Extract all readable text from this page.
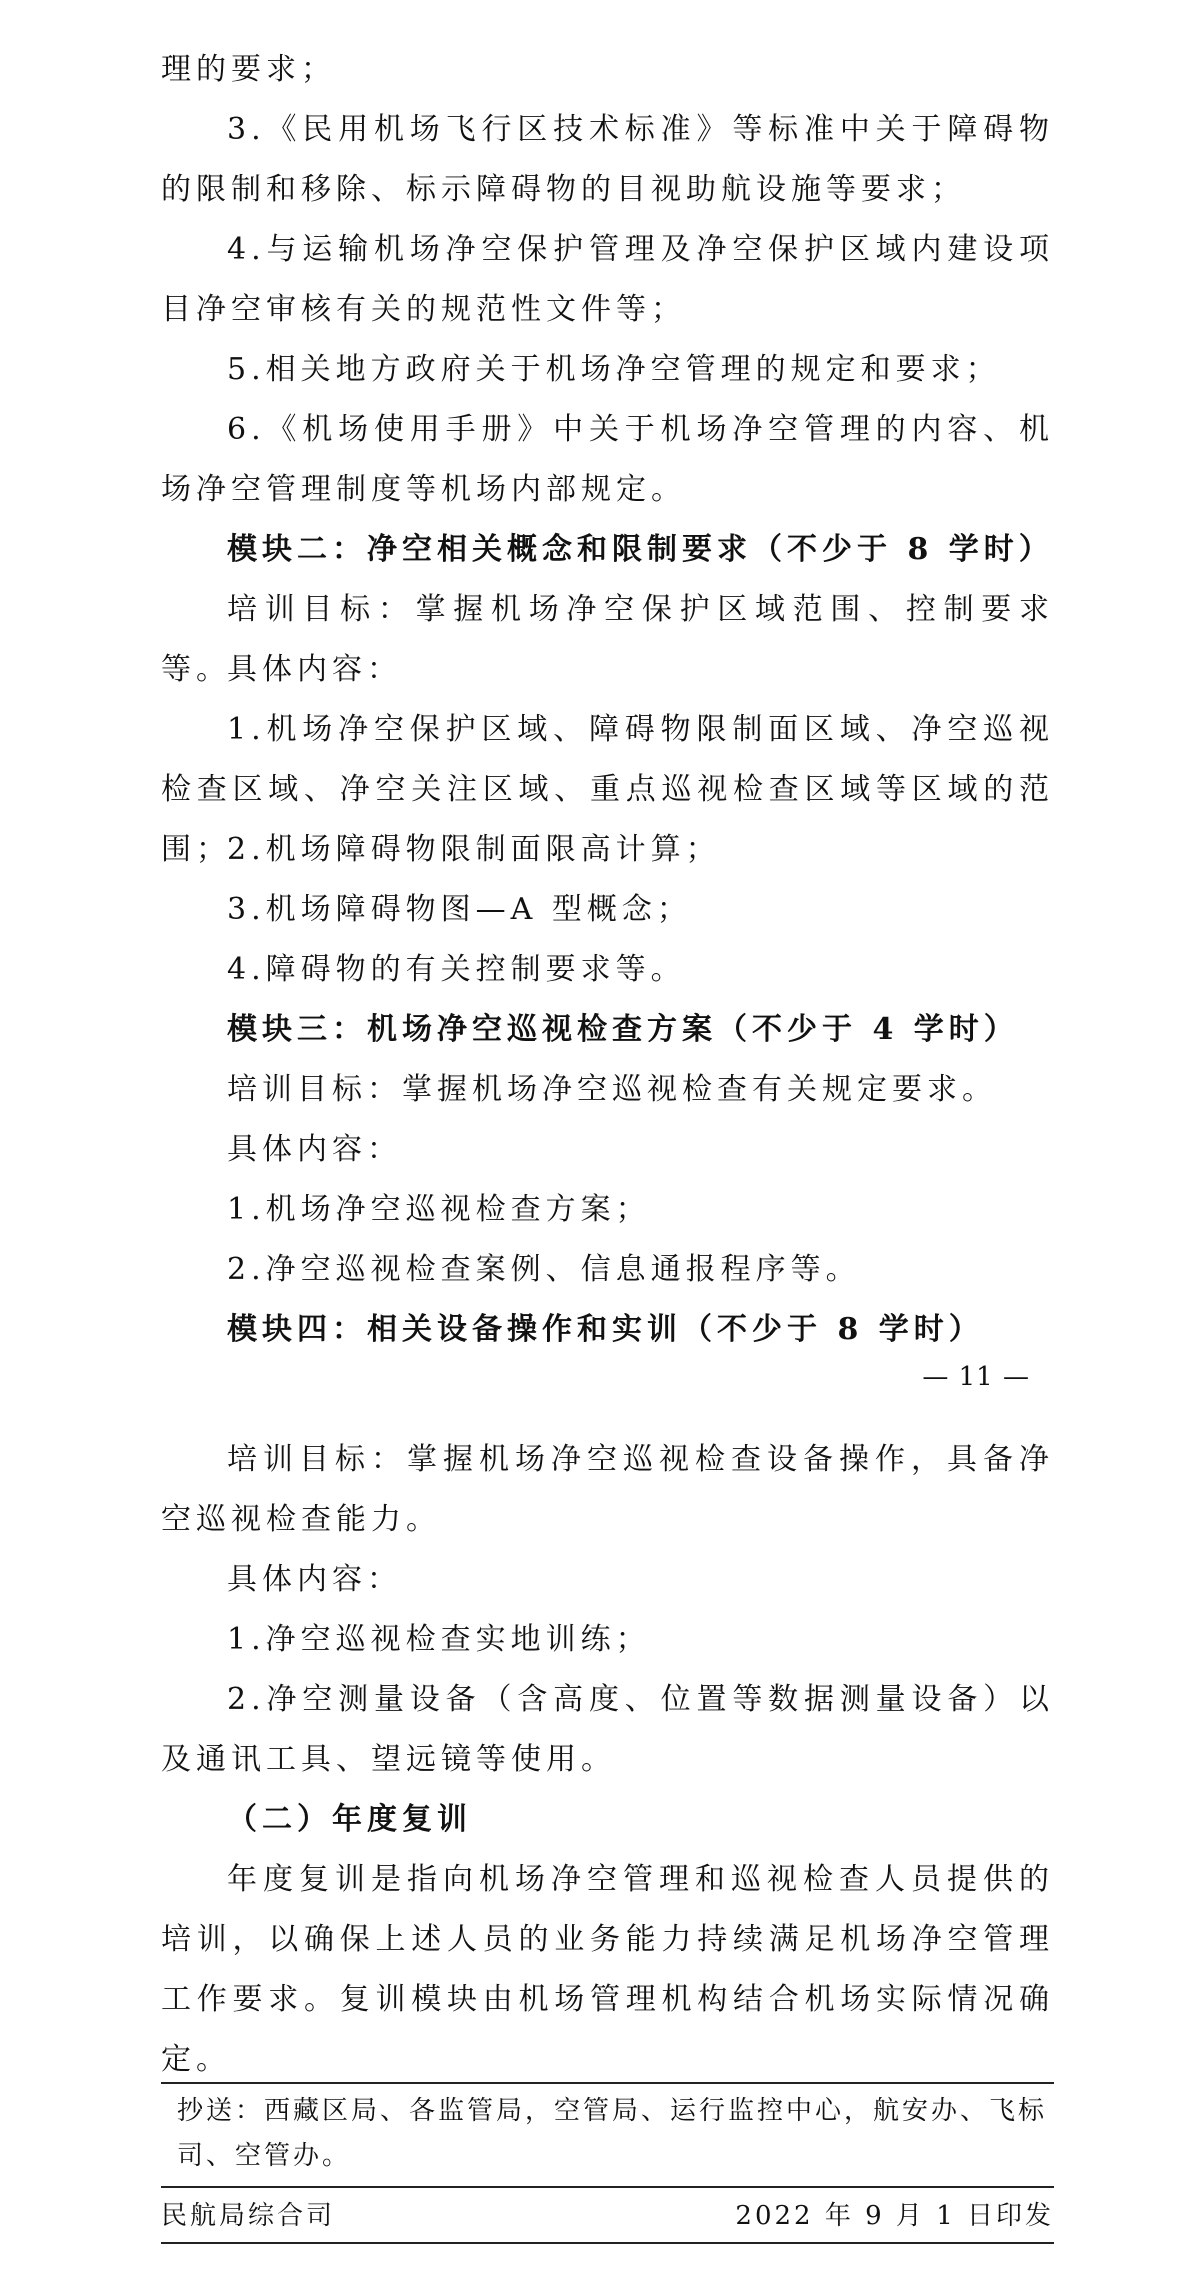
理的要求；

3.《民用机场飞行区技术标准》等标准中关于障碍物的限制和移除、标示障碍物的目视助航设施等要求；

4.与运输机场净空保护管理及净空保护区域内建设项目净空审核有关的规范性文件等；

5.相关地方政府关于机场净空管理的规定和要求；

6.《机场使用手册》中关于机场净空管理的内容、机场净空管理制度等机场内部规定。

模块二：净空相关概念和限制要求（不少于 8 学时）

培训目标：掌握机场净空保护区域范围、控制要求等。

具体内容：

1.机场净空保护区域、障碍物限制面区域、净空巡视检查区域、净空关注区域、重点巡视检查区域等区域的范围；

2.机场障碍物限制面限高计算；

3.机场障碍物图—A 型概念；

4.障碍物的有关控制要求等。

模块三：机场净空巡视检查方案（不少于 4 学时）

培训目标：掌握机场净空巡视检查有关规定要求。

具体内容：

1.机场净空巡视检查方案；

2.净空巡视检查案例、信息通报程序等。

模块四：相关设备操作和实训（不少于 8 学时）

— 11 —

培训目标：掌握机场净空巡视检查设备操作，具备净空巡视检查能力。

具体内容：

1.净空巡视检查实地训练；

2.净空测量设备（含高度、位置等数据测量设备）以及通讯工具、望远镜等使用。

（二）年度复训

年度复训是指向机场净空管理和巡视检查人员提供的培训，以确保上述人员的业务能力持续满足机场净空管理工作要求。复训模块由机场管理机构结合机场实际情况确定。

抄送：西藏区局、各监管局，空管局、运行监控中心，航安办、飞标司、空管办。
民航局综合司	2022 年 9 月 1 日印发
